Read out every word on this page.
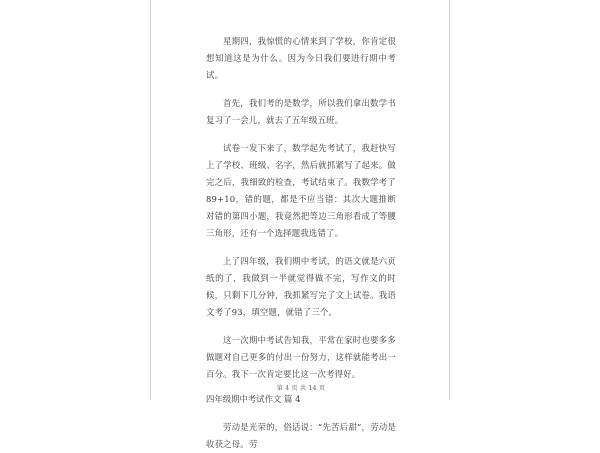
星期四，我惊慌的心情来到了学校，你肯定很想知道这是为什么。因为今日我们要进行期中考试。

首先，我们考的是数学，所以我们拿出数学书复习了一会儿，就去了五年级五班。

试卷一发下来了，数学起先考试了，我赶快写上了学校、班级、名字，然后就抓紧写了起来。做完之后，我细致的检查，考试结束了。我数学考了89+10，错的题，都是不应当错：其次大题推断对错的第四小题，我竟然把等边三角形看成了等腰三角形，还有一个选择题我选错了。

上了四年级，我们期中考试，的语文就是六页纸的了，我做到一半就觉得做不完，写作文的时候，只剩下几分钟，我抓紧写完了文上试卷。我语文考了93，填空题，就错了三个。

这一次期中考试告知我，平常在家时也要多多做题对自己更多的付出一份努力，这样就能考出一百分。我下一次肯定要比这一次考得好。

四年级期中考试作文 篇 4

劳动是光荣的，俗话说：“先苦后甜”，劳动是收获之母。劳

第 4 页 共 14 页
